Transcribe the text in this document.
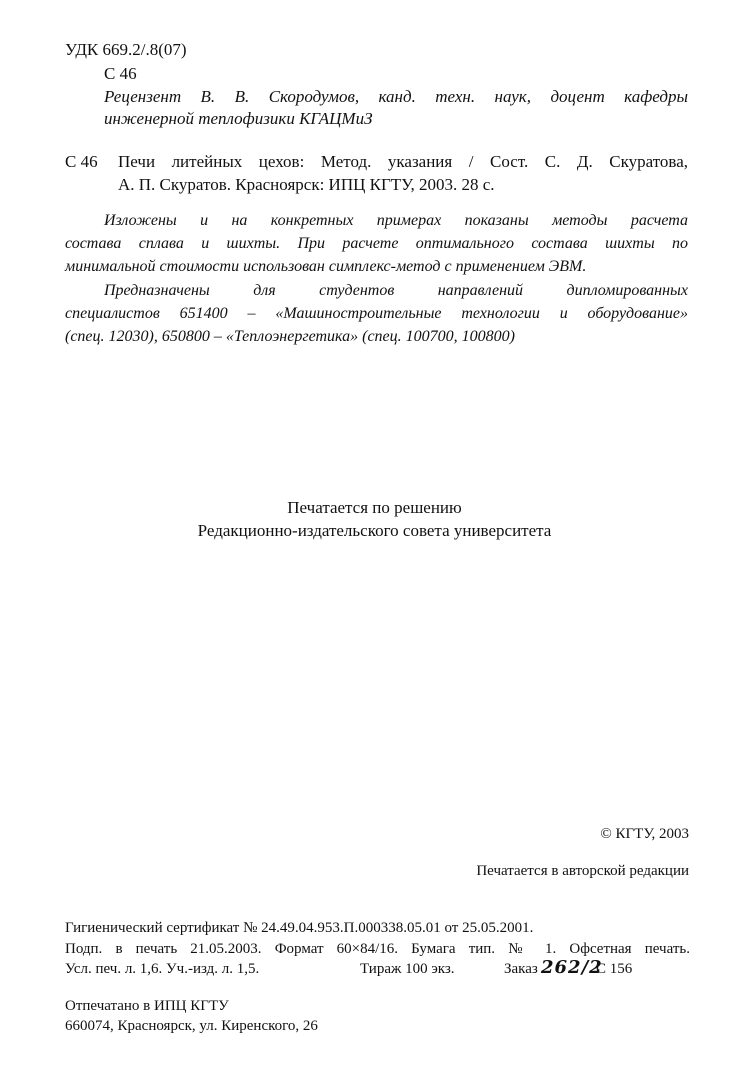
УДК 669.2/.8(07)

С 46

Рецензент В. В. Скородумов, канд. техн. наук, доцент кафедры

инженерной теплофизики КГАЦМиЗ

С 46 Печи литейных цехов: Метод. указания / Сост. С. Д. Скуратова,

А. П. Скуратов. Красноярск: ИПЦ КГТУ, 2003. 28 с.

Изложены и на конкретных примерах показаны методы расчета

состава сплава и шихты. При расчете оптимального состава шихты по

минимальной стоимости использован симплекс-метод с применением ЭВМ.

Предназначены для студентов направлений дипломированных

специалистов 651400 – «Машиностроительные технологии и оборудование»

(спец. 12030), 650800 – «Теплоэнергетика» (спец. 100700, 100800)

Печатается по решению

Редакционно-издательского совета университета

© КГТУ, 2003

Печатается в авторской редакции

Гигиенический сертификат № 24.49.04.953.П.000338.05.01 от 25.05.2001.

Подп. в печать 21.05.2003. Формат 60×84/16. Бумага тип. № 1. Офсетная печать.

Усл. печ. л. 1,6. Уч.-изд. л. 1,5.	Тираж 100 экз.	Заказ 262/2
С 156

Отпечатано в ИПЦ КГТУ

660074, Красноярск, ул. Киренского, 26
